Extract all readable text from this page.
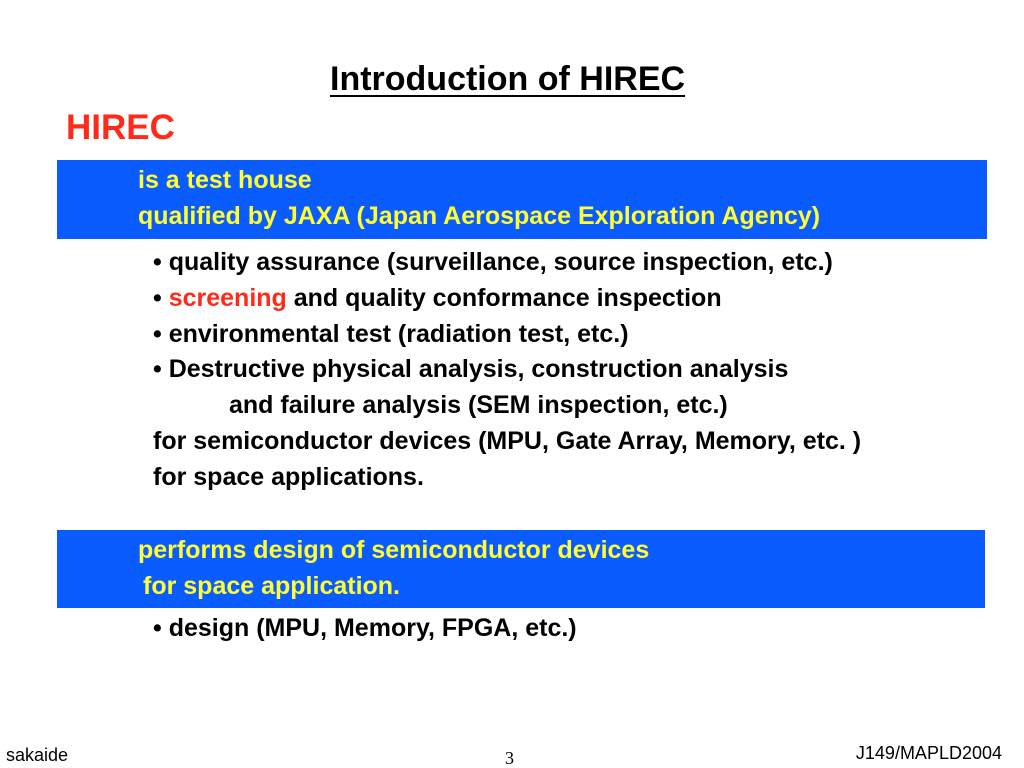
Introduction of HIREC
HIREC
is a test house
qualified by JAXA (Japan Aerospace Exploration Agency)
• quality assurance (surveillance, source inspection, etc.)
• screening and quality conformance inspection
• environmental test (radiation test, etc.)
• Destructive physical analysis, construction analysis
and failure analysis (SEM inspection, etc.)
for semiconductor devices (MPU, Gate Array, Memory, etc. )
for space applications.
performs design of semiconductor devices
for space application.
• design (MPU, Memory, FPGA, etc.)
sakaide	3	J149/MAPLD2004
